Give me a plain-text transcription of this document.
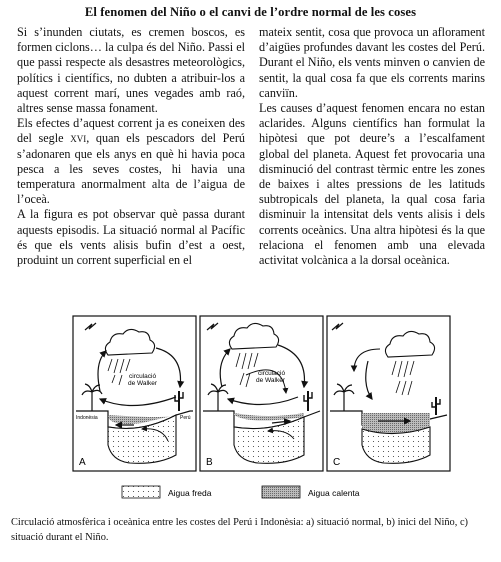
El fenomen del Niño o el canvi de l’ordre normal de les coses

Si s’inunden ciutats, es cremen boscos, es formen ciclons… la culpa és del Niño. Passi el que passi respecte als desastres meteorològics, polítics i científics, no dubten a atribuir-los a aquest corrent marí, unes vegades amb raó, altres sense massa fonament.

Els efectes d’aquest corrent ja es coneixen des del segle xvi, quan els pescadors del Perú s’adonaren que els anys en què hi havia poca pesca a les seves costes, hi havia una temperatura anormalment alta de l’aigua de l’oceà.

A la figura es pot observar què passa durant aquests episodis. La situació normal al Pacífic és que els vents alisis bufin d’est a oest, produint un corrent superficial en el

mateix sentit, cosa que provoca un aflorament d’aigües profundes davant les costes del Perú. Durant el Niño, els vents minven o canvien de sentit, la qual cosa fa que els corrents marins canviïn.

Les causes d’aquest fenomen encara no estan aclarides. Alguns científics han formulat la hipòtesi que pot deure’s a l’escalfament global del planeta. Aquest fet provocaria una disminució del contrast tèrmic entre les zones de baixes i altes pressions de les latituds subtropicals del planeta, la qual cosa faria disminuir la intensitat dels vents alisis i dels corrents oceànics. Una altra hipòtesi és la que relaciona el fenomen amb una elevada activitat volcànica a la dorsal oceànica.

circulació
de Walker
Indonèsia	Perú
A
circulació
de Walker
B	C
Aigua freda	Aigua calenta
Circulació atmosfèrica i oceànica entre les costes del Perú i Indonèsia: a) situació normal, b) inici del Niño, c) situació durant el Niño.
